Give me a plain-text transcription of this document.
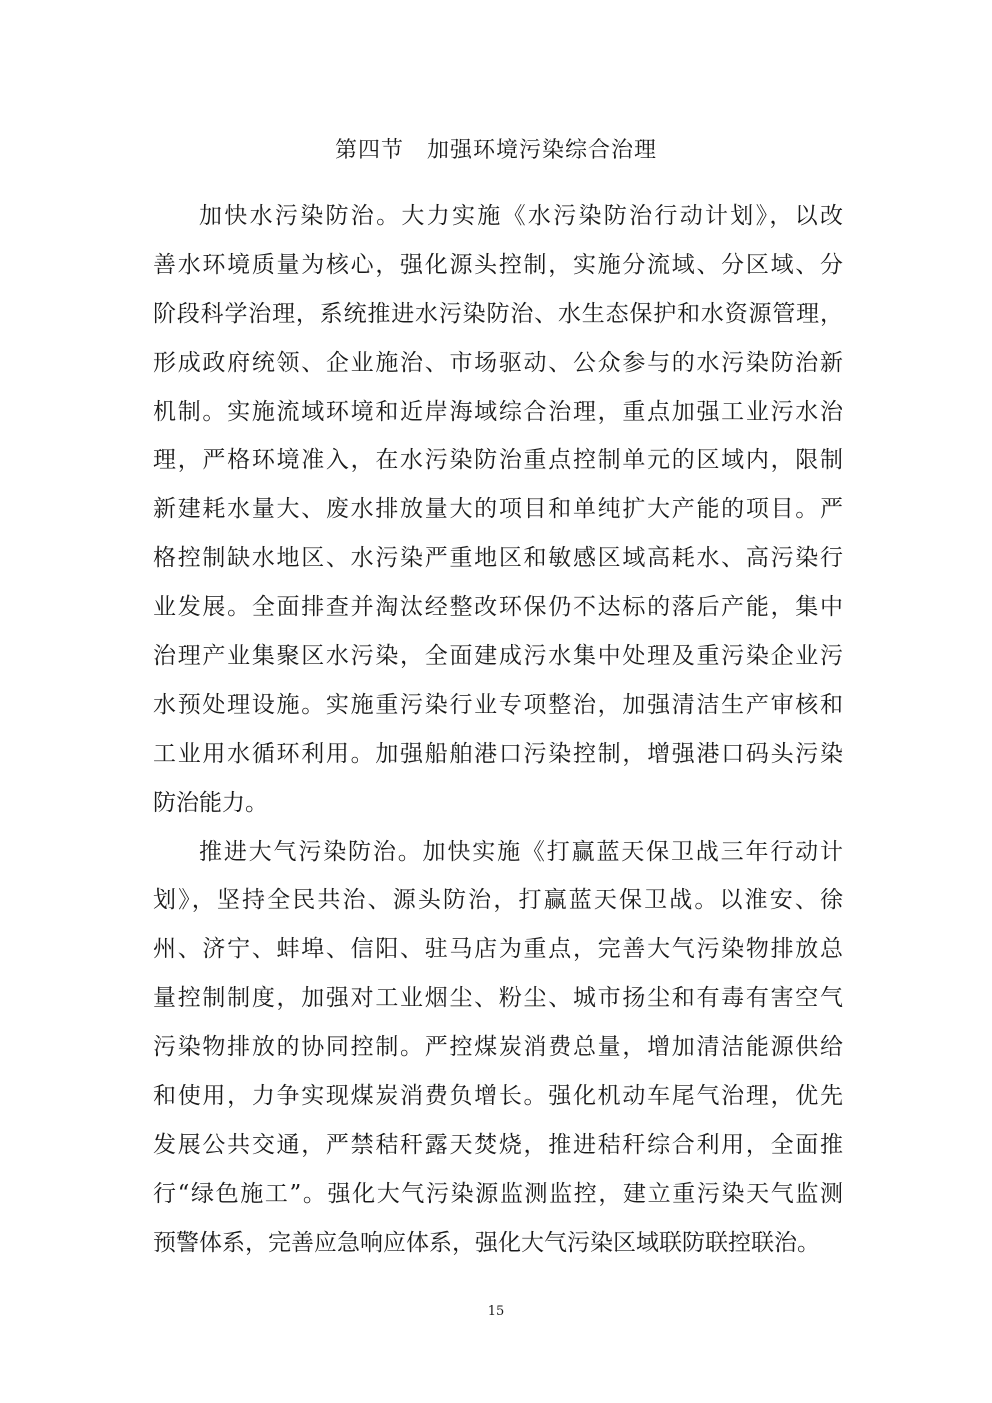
第四节　加强环境污染综合治理
加快水污染防治。大力实施《水污染防治行动计划》，以改
善水环境质量为核心，强化源头控制，实施分流域、分区域、分
阶段科学治理，系统推进水污染防治、水生态保护和水资源管理，
形成政府统领、企业施治、市场驱动、公众参与的水污染防治新
机制。实施流域环境和近岸海域综合治理，重点加强工业污水治
理，严格环境准入，在水污染防治重点控制单元的区域内，限制
新建耗水量大、废水排放量大的项目和单纯扩大产能的项目。严
格控制缺水地区、水污染严重地区和敏感区域高耗水、高污染行
业发展。全面排查并淘汰经整改环保仍不达标的落后产能，集中
治理产业集聚区水污染，全面建成污水集中处理及重污染企业污
水预处理设施。实施重污染行业专项整治，加强清洁生产审核和
工业用水循环利用。加强船舶港口污染控制，增强港口码头污染
防治能力。
推进大气污染防治。加快实施《打赢蓝天保卫战三年行动计
划》，坚持全民共治、源头防治，打赢蓝天保卫战。以淮安、徐
州、济宁、蚌埠、信阳、驻马店为重点，完善大气污染物排放总
量控制制度，加强对工业烟尘、粉尘、城市扬尘和有毒有害空气
污染物排放的协同控制。严控煤炭消费总量，增加清洁能源供给
和使用，力争实现煤炭消费负增长。强化机动车尾气治理，优先
发展公共交通，严禁秸秆露天焚烧，推进秸秆综合利用，全面推
行“绿色施工”。强化大气污染源监测监控，建立重污染天气监测
预警体系，完善应急响应体系，强化大气污染区域联防联控联治。
15
